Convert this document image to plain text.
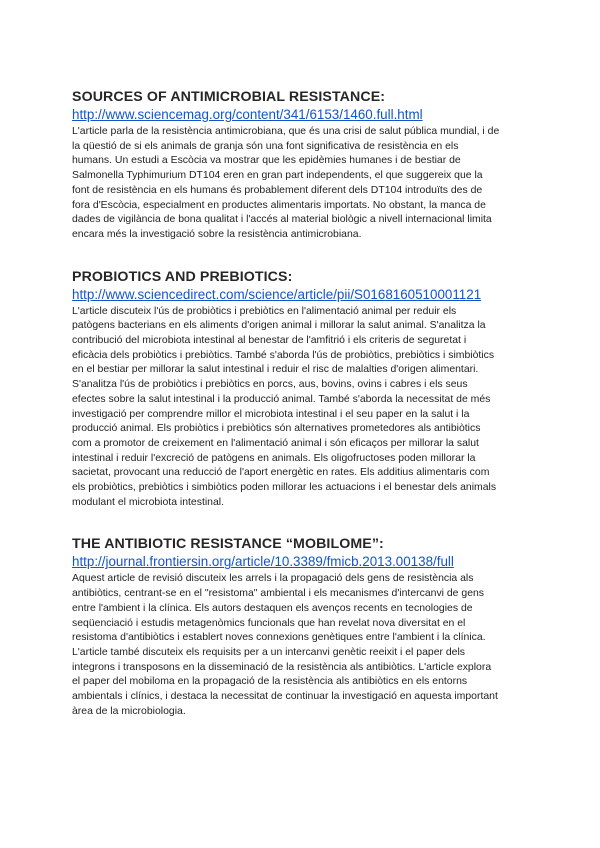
SOURCES OF ANTIMICROBIAL RESISTANCE:
http://www.sciencemag.org/content/341/6153/1460.full.html

L'article parla de la resistència antimicrobiana, que és una crisi de salut pública mundial, i de
la qüestió de si els animals de granja són una font significativa de resistència en els
humans. Un estudi a Escòcia va mostrar que les epidèmies humanes i de bestiar de
Salmonella Typhimurium DT104 eren en gran part independents, el que suggereix que la
font de resistència en els humans és probablement diferent dels DT104 introduïts des de
fora d'Escòcia, especialment en productes alimentaris importats. No obstant, la manca de
dades de vigilància de bona qualitat i l'accés al material biològic a nivell internacional limita
encara més la investigació sobre la resistència antimicrobiana.

PROBIOTICS AND PREBIOTICS:
http://www.sciencedirect.com/science/article/pii/S0168160510001121

L'article discuteix l'ús de probiòtics i prebiòtics en l'alimentació animal per reduir els
patògens bacterians en els aliments d'origen animal i millorar la salut animal. S'analitza la
contribució del microbiota intestinal al benestar de l'amfitrió i els criteris de seguretat i
eficàcia dels probiòtics i prebiòtics. També s'aborda l'ús de probiòtics, prebiòtics i simbiòtics
en el bestiar per millorar la salut intestinal i reduir el risc de malalties d'origen alimentari.
S'analitza l'ús de probiòtics i prebiòtics en porcs, aus, bovins, ovins i cabres i els seus
efectes sobre la salut intestinal i la producció animal. També s'aborda la necessitat de més
investigació per comprendre millor el microbiota intestinal i el seu paper en la salut i la
producció animal. Els probiòtics i prebiòtics són alternatives prometedores als antibiòtics
com a promotor de creixement en l'alimentació animal i són eficaços per millorar la salut
intestinal i reduir l'excreció de patògens en animals. Els oligofructoses poden millorar la
sacietat, provocant una reducció de l'aport energètic en rates. Els additius alimentaris com
els probiòtics, prebiòtics i simbiòtics poden millorar les actuacions i el benestar dels animals
modulant el microbiota intestinal.

THE ANTIBIOTIC RESISTANCE “MOBILOME”:
http://journal.frontiersin.org/article/10.3389/fmicb.2013.00138/full

Aquest article de revisió discuteix les arrels i la propagació dels gens de resistència als
antibiòtics, centrant-se en el "resistoma" ambiental i els mecanismes d'intercanvi de gens
entre l'ambient i la clínica. Els autors destaquen els avenços recents en tecnologies de
seqüenciació i estudis metagenòmics funcionals que han revelat nova diversitat en el
resistoma d'antibiòtics i establert noves connexions genètiques entre l'ambient i la clínica.
L'article també discuteix els requisits per a un intercanvi genètic reeixit i el paper dels
integrons i transposons en la disseminació de la resistència als antibiòtics. L'article explora
el paper del mobiloma en la propagació de la resistència als antibiòtics en els entorns
ambientals i clínics, i destaca la necessitat de continuar la investigació en aquesta important
àrea de la microbiologia.
